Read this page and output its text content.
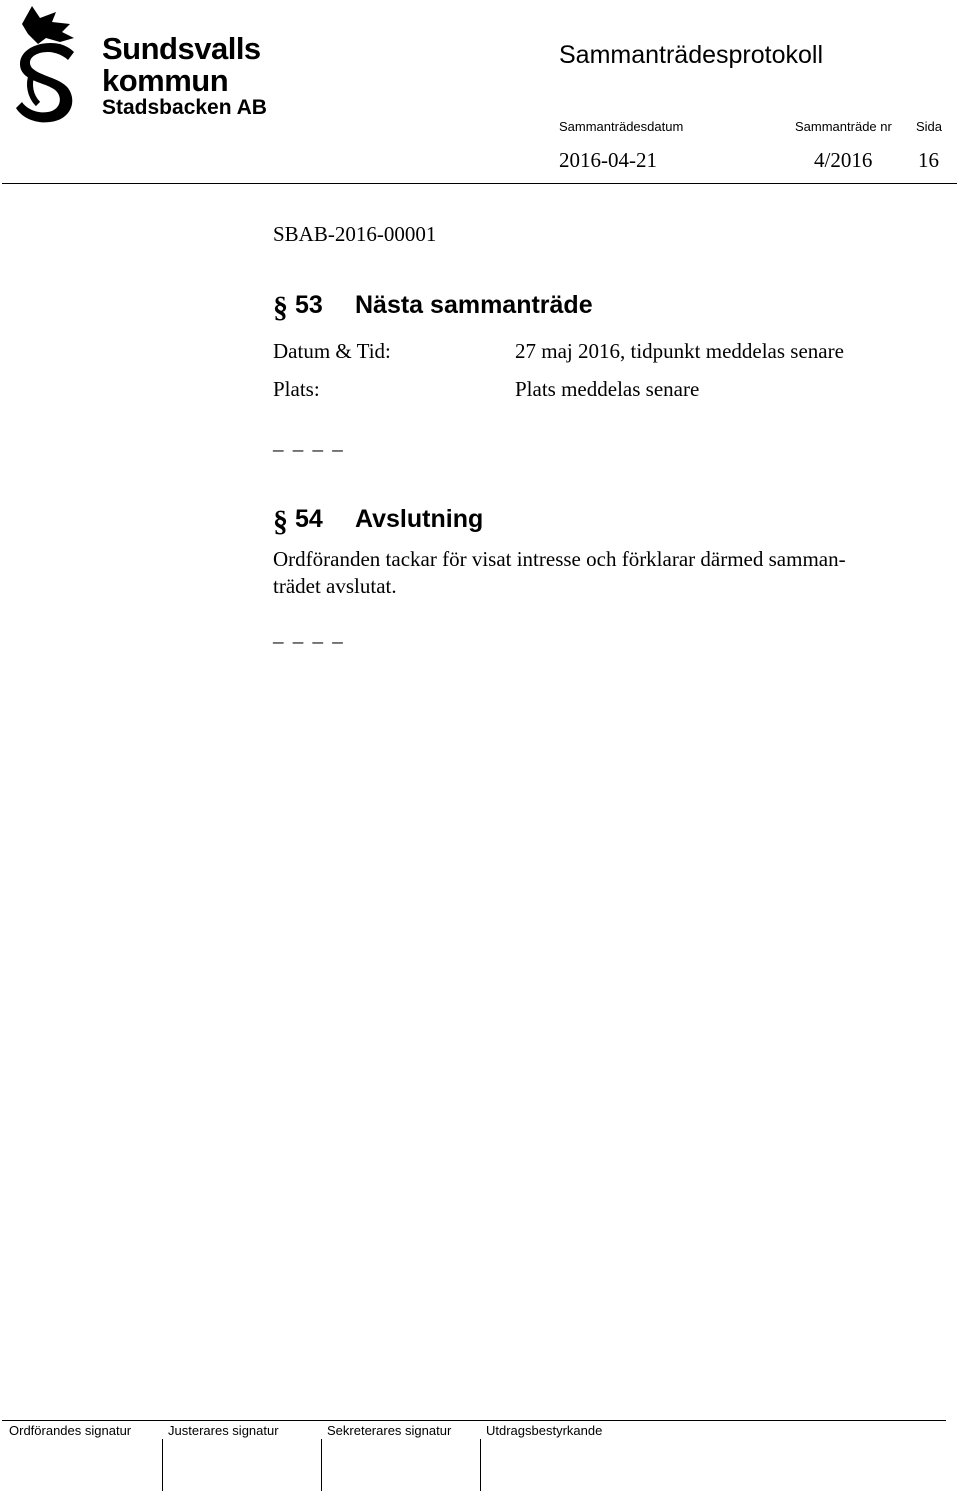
Sundsvalls
kommun
Stadsbacken AB
Sammanträdesprotokoll
Sammanträdesdatum	Sammanträde nr Sida
2016-04-21	4/2016 16
SBAB-2016-00001
§ 53 Nästa sammanträde
Datum & Tid:	27 maj 2016, tidpunkt meddelas senare
Plats:	Plats meddelas senare
_ _ _ _
§ 54 Avslutning
Ordföranden tackar för visat intresse och förklarar därmed samman-
trädet avslutat.
_ _ _ _
Ordförandes signatur	Justerares signatur	Sekreterares signatur	Utdragsbestyrkande
